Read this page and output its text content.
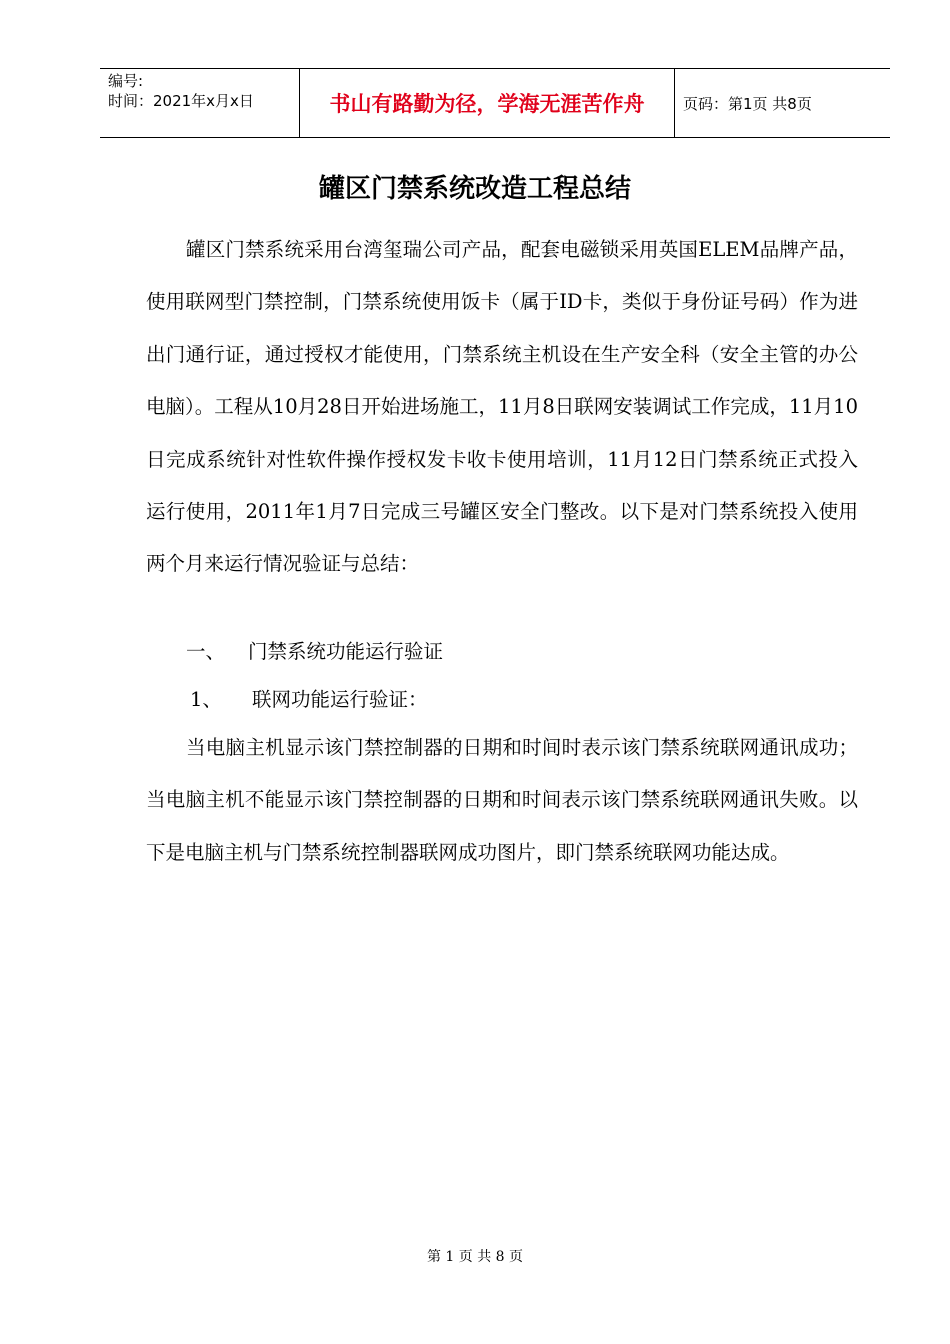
编号:
时间：2021年x月x日	书山有路勤为径，学海无涯苦作舟	页码：第1页 共8页
罐区门禁系统改造工程总结

罐区门禁系统采用台湾玺瑞公司产品，配套电磁锁采用英国ELEM品牌产品，使用联网型门禁控制，门禁系统使用饭卡（属于ID卡，类似于身份证号码）作为进出门通行证，通过授权才能使用，门禁系统主机设在生产安全科（安全主管的办公电脑）。工程从10月28日开始进场施工，11月8日联网安装调试工作完成，11月10日完成系统针对性软件操作授权发卡收卡使用培训，11月12日门禁系统正式投入运行使用，2011年1月7日完成三号罐区安全门整改。以下是对门禁系统投入使用两个月来运行情况验证与总结：

一、 门禁系统功能运行验证
1、 联网功能运行验证：

当电脑主机显示该门禁控制器的日期和时间时表示该门禁系统联网通讯成功；当电脑主机不能显示该门禁控制器的日期和时间表示该门禁系统联网通讯失败。以下是电脑主机与门禁系统控制器联网成功图片，即门禁系统联网功能达成。

第 1 页 共 8 页
